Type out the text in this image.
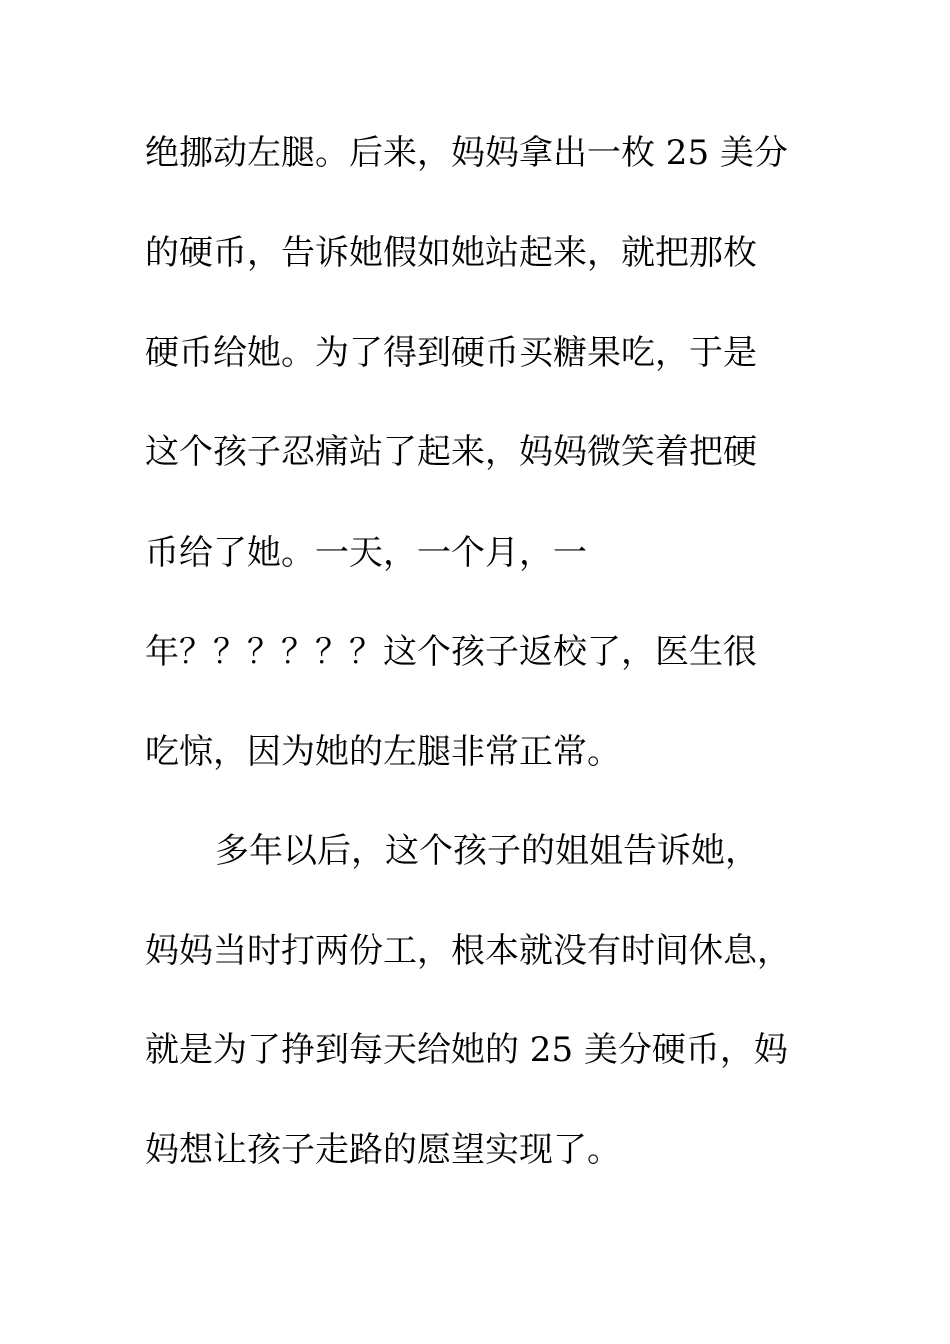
绝挪动左腿。后来，妈妈拿出一枚 25 美分
的硬币，告诉她假如她站起来，就把那枚
硬币给她。为了得到硬币买糖果吃，于是
这个孩子忍痛站了起来，妈妈微笑着把硬
币给了她。一天，一个月，一
年？？？？？？这个孩子返校了，医生很
吃惊，因为她的左腿非常正常。
多年以后，这个孩子的姐姐告诉她，
妈妈当时打两份工，根本就没有时间休息，
就是为了挣到每天给她的 25 美分硬币，妈
妈想让孩子走路的愿望实现了。
